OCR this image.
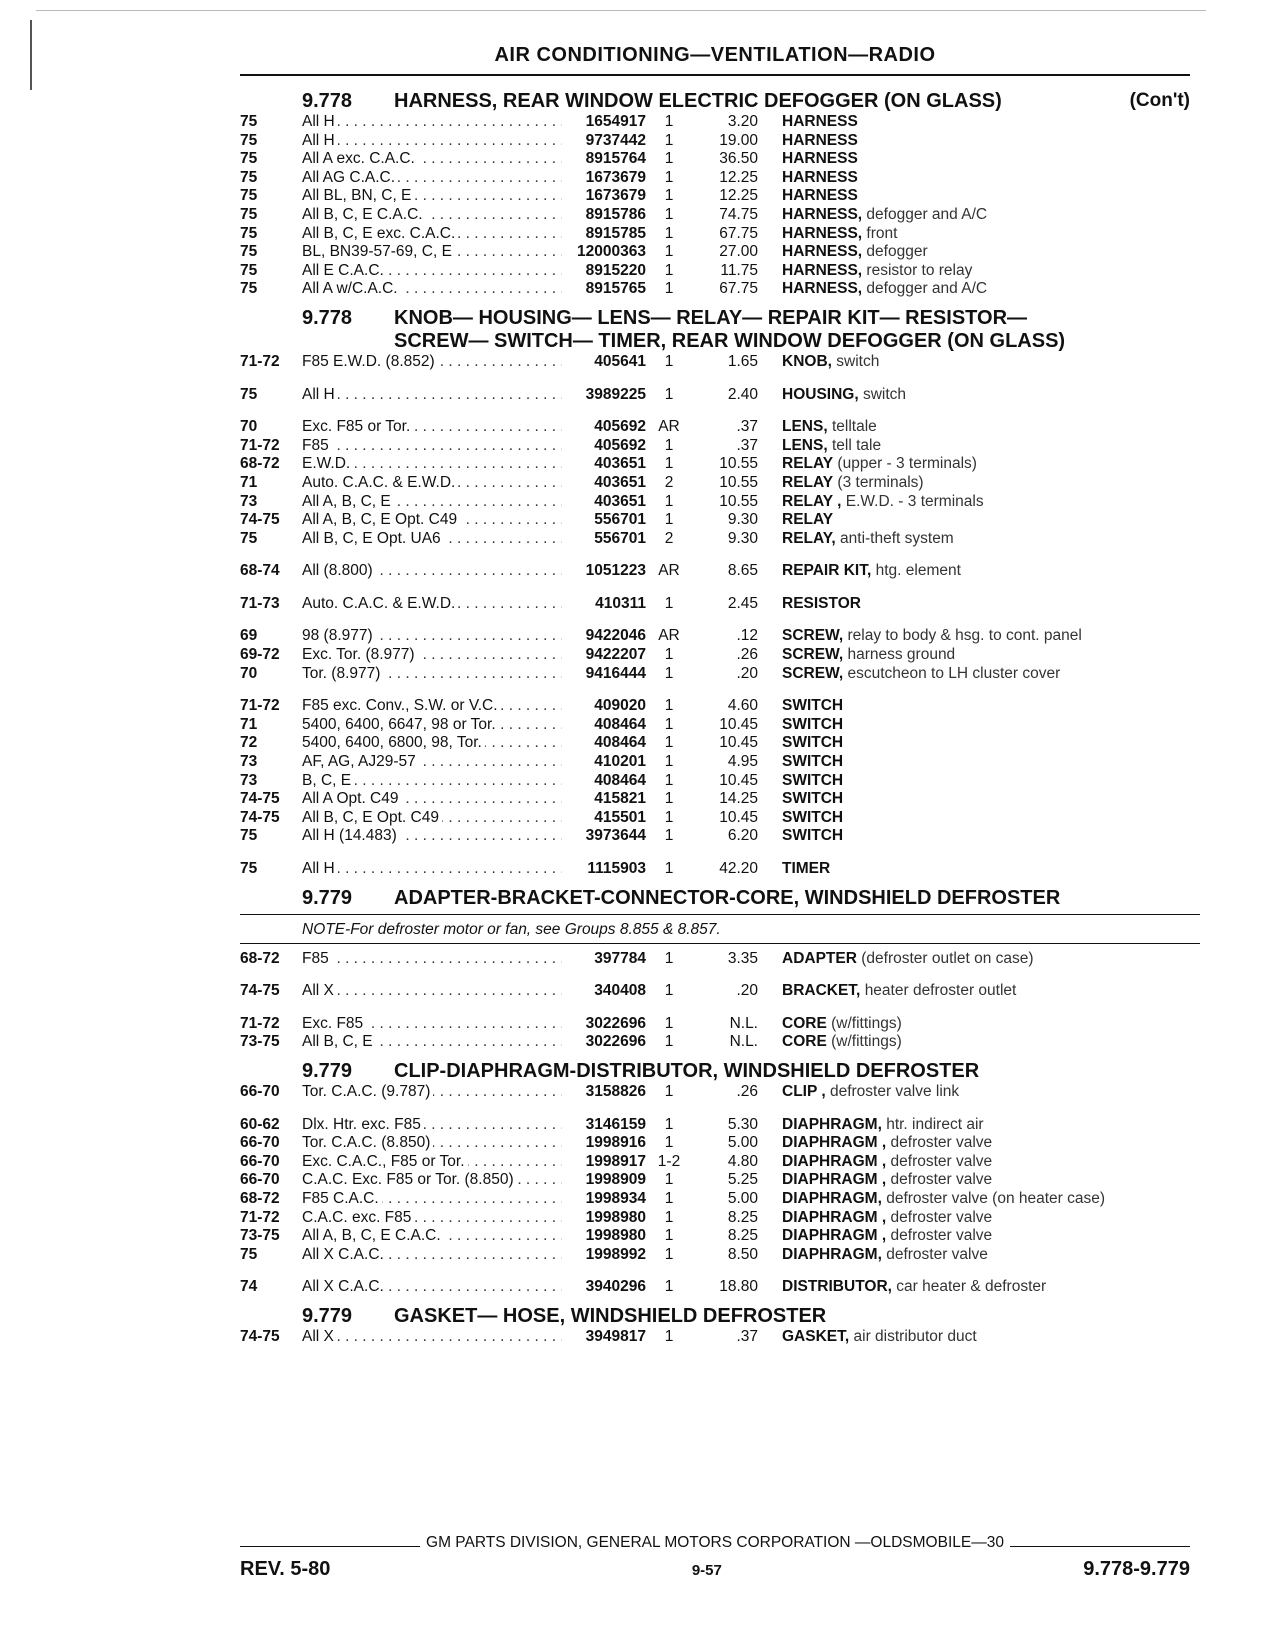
AIR CONDITIONING—VENTILATION—RADIO
9.778	HARNESS, REAR WINDOW ELECTRIC DEFOGGER (ON GLASS)	(Con't)
75	All H . . .	1654917	1	3.20	HARNESS
75	All H . . .	9737442	1	19.00	HARNESS
75	All A exc. C.A.C. . . .	8915764	1	36.50	HARNESS
75	All AG C.A.C. . . .	1673679	1	12.25	HARNESS
75	All BL, BN, C, E . . .	1673679	1	12.25	HARNESS
75	All B, C, E C.A.C. . . .	8915786	1	74.75	HARNESS, defogger and A/C
75	All B, C, E exc. C.A.C. . . .	8915785	1	67.75	HARNESS, front
75	BL, BN39-57-69, C, E . . .	12000363	1	27.00	HARNESS, defogger
75	All E C.A.C. . . .	8915220	1	11.75	HARNESS, resistor to relay
75	All A w/C.A.C. . . .	8915765	1	67.75	HARNESS, defogger and A/C
9.778	KNOB— HOUSING— LENS— RELAY— REPAIR KIT— RESISTOR—
SCREW— SWITCH— TIMER, REAR WINDOW DEFOGGER (ON GLASS)
71-72	F85 E.W.D. (8.852) . . .	405641	1	1.65	KNOB, switch
75	All H . . .	3989225	1	2.40	HOUSING, switch
70	Exc. F85 or Tor. . . .	405692 AR	.37	LENS, telltale
71-72	F85 . . .	405692	1	.37	LENS, tell tale
68-72	E.W.D. . . .	403651	1	10.55	RELAY (upper - 3 terminals)
71	Auto. C.A.C. & E.W.D. . . .	403651	2	10.55	RELAY (3 terminals)
73	All A, B, C, E . . .	403651	1	10.55	RELAY , E.W.D. - 3 terminals
74-75	All A, B, C, E Opt. C49 . . .	556701	1	9.30	RELAY
75	All B, C, E Opt. UA6 . . .	556701	2	9.30	RELAY, anti-theft system
68-74	All (8.800) . . .	1051223 AR	8.65	REPAIR KIT, htg. element
71-73	Auto. C.A.C. & E.W.D. . . .	410311	1	2.45	RESISTOR
69	98 (8.977) . . .	9422046 AR	.12	SCREW, relay to body & hsg. to cont. panel
69-72	Exc. Tor. (8.977) . . .	9422207	1	.26	SCREW, harness ground
70	Tor. (8.977) . . .	9416444	1	.20	SCREW, escutcheon to LH cluster cover
71-72	F85 exc. Conv., S.W. or V.C. . . .	409020	1	4.60	SWITCH
71	5400, 6400, 6647, 98 or Tor. . . .	408464	1	10.45	SWITCH
72	5400, 6400, 6800, 98, Tor. . . .	408464	1	10.45	SWITCH
73	AF, AG, AJ29-57 . . .	410201	1	4.95	SWITCH
73	B, C, E . . .	408464	1	10.45	SWITCH
74-75	All A Opt. C49 . . .	415821	1	14.25	SWITCH
74-75	All B, C, E Opt. C49 . . .	415501	1	10.45	SWITCH
75	All H (14.483) . . .	3973644	1	6.20	SWITCH
75	All H . . .	1115903	1	42.20	TIMER
9.779	ADAPTER-BRACKET-CONNECTOR-CORE, WINDSHIELD DEFROSTER
NOTE-For defroster motor or fan, see Groups 8.855 & 8.857.
68-72	F85 . . .	397784	1	3.35	ADAPTER (defroster outlet on case)
74-75	All X . . .	340408	1	.20	BRACKET, heater defroster outlet
71-72	Exc. F85 . . .	3022696	1	N.L.	CORE (w/fittings)
73-75	All B, C, E . . .	3022696	1	N.L.	CORE (w/fittings)
9.779	CLIP-DIAPHRAGM-DISTRIBUTOR, WINDSHIELD DEFROSTER
66-70	Tor. C.A.C. (9.787) . . .	3158826	1	.26	CLIP , defroster valve link
60-62	Dlx. Htr. exc. F85 . . .	3146159	1	5.30	DIAPHRAGM, htr. indirect air
66-70	Tor. C.A.C. (8.850) . . .	1998916	1	5.00	DIAPHRAGM , defroster valve
66-70	Exc. C.A.C., F85 or Tor. . . .	1998917 1-2	4.80	DIAPHRAGM , defroster valve
66-70	C.A.C. Exc. F85 or Tor. (8.850) . . .	1998909	1	5.25	DIAPHRAGM , defroster valve
68-72	F85 C.A.C. . . .	1998934	1	5.00	DIAPHRAGM, defroster valve (on heater case)
71-72	C.A.C. exc. F85 . . .	1998980	1	8.25	DIAPHRAGM , defroster valve
73-75	All A, B, C, E C.A.C. . . .	1998980	1	8.25	DIAPHRAGM , defroster valve
75	All X C.A.C. . . .	1998992	1	8.50	DIAPHRAGM, defroster valve
74	All X C.A.C. . . .	3940296	1	18.80	DISTRIBUTOR, car heater & defroster
9.779	GASKET— HOSE, WINDSHIELD DEFROSTER
74-75	All X . . .	3949817	1	.37	GASKET, air distributor duct
GM PARTS DIVISION, GENERAL MOTORS CORPORATION —OLDSMOBILE—30
REV. 5-80	9-57	9.778-9.779
